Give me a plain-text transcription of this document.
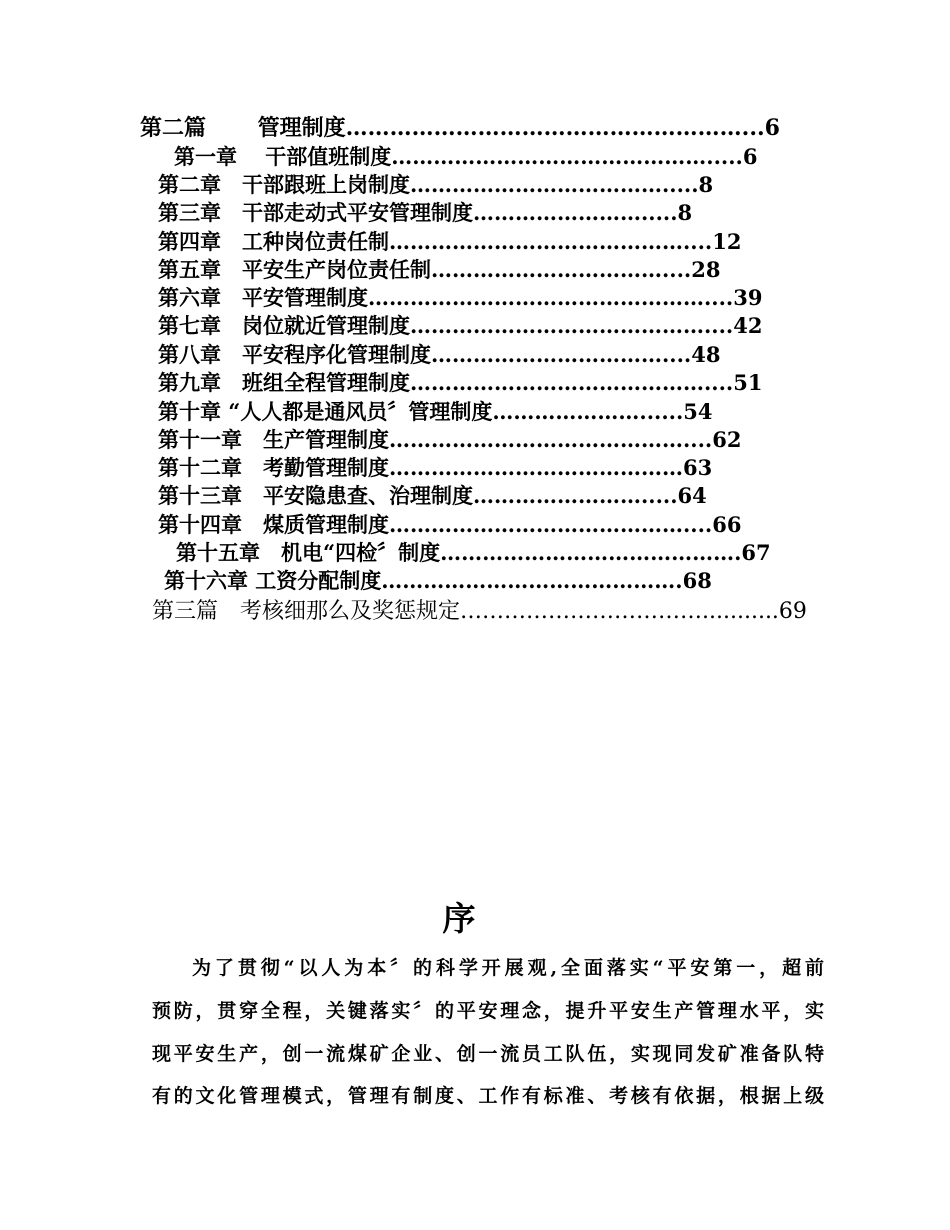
第二篇　　 管理制度………………………………………………...6
第一章　 干部值班制度……………………………………….....6
第二章　干部跟班上岗制度……………………………….....8
第三章　干部走动式平安管理制度…………………….....8
第四章　工种岗位责任制……………………………………....12
第五章　平安生产岗位责任制……………………………....28
第六章　平安管理制度…………………………………………....39
第七章　岗位就近管理制度……………………………………....42
第八章　平安程序化管理制度……………………………....48
第九章　班组全程管理制度……………………………………....51
第十章 “人人都是通风员〞管理制度…………………......54
第十一章　生产管理制度……………………………………....62
第十二章　考勤管理制度……………………………………63
第十三章　平安隐患查、治理制度…………………….....64
第十四章　煤质管理制度……………………………………....66
第十五章　机电“四检〞制度…………………………………….67
第十六章 工资分配制度…………………………………….68
第三篇　考核细那么及奖惩规定……………………………...........69
序
为了贯彻“以人为本〞的科学开展观,全面落实“平安第一，超前
预防，贯穿全程，关键落实〞的平安理念，提升平安生产管理水平，实
现平安生产，创一流煤矿企业、创一流员工队伍，实现同发矿准备队特
有的文化管理模式，管理有制度、工作有标准、考核有依据，根据上级
